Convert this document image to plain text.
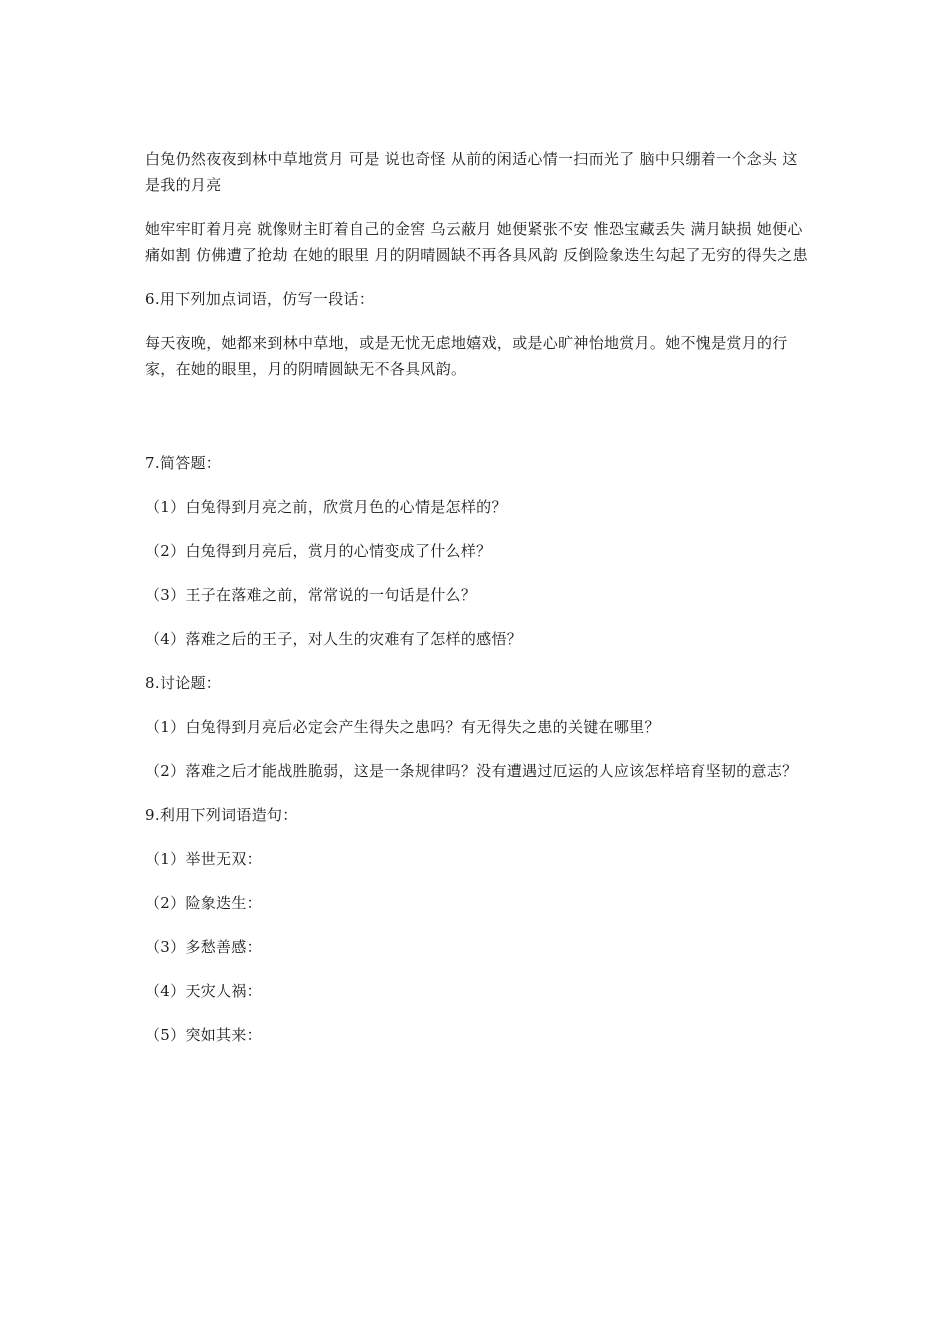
白兔仍然夜夜到林中草地赏月 可是 说也奇怪 从前的闲适心情一扫而光了 脑中只绷着一个念头 这是我的月亮

她牢牢盯着月亮 就像财主盯着自己的金窖 乌云蔽月 她便紧张不安 惟恐宝藏丢失 满月缺损 她便心痛如割 仿佛遭了抢劫 在她的眼里 月的阴晴圆缺不再各具风韵 反倒险象迭生勾起了无穷的得失之患

6.用下列加点词语，仿写一段话：

每天夜晚，她都来到林中草地，或是无忧无虑地嬉戏，或是心旷神怡地赏月。她不愧是赏月的行家，在她的眼里，月的阴晴圆缺无不各具风韵。

7.简答题：

（1）白兔得到月亮之前，欣赏月色的心情是怎样的？

（2）白兔得到月亮后，赏月的心情变成了什么样？

（3）王子在落难之前，常常说的一句话是什么？

（4）落难之后的王子，对人生的灾难有了怎样的感悟？

8.讨论题：

（1）白兔得到月亮后必定会产生得失之患吗？有无得失之患的关键在哪里？

（2）落难之后才能战胜脆弱，这是一条规律吗？没有遭遇过厄运的人应该怎样培育坚韧的意志？

9.利用下列词语造句：

（1）举世无双：

（2）险象迭生：

（3）多愁善感：

（4）天灾人祸：

（5）突如其来：
